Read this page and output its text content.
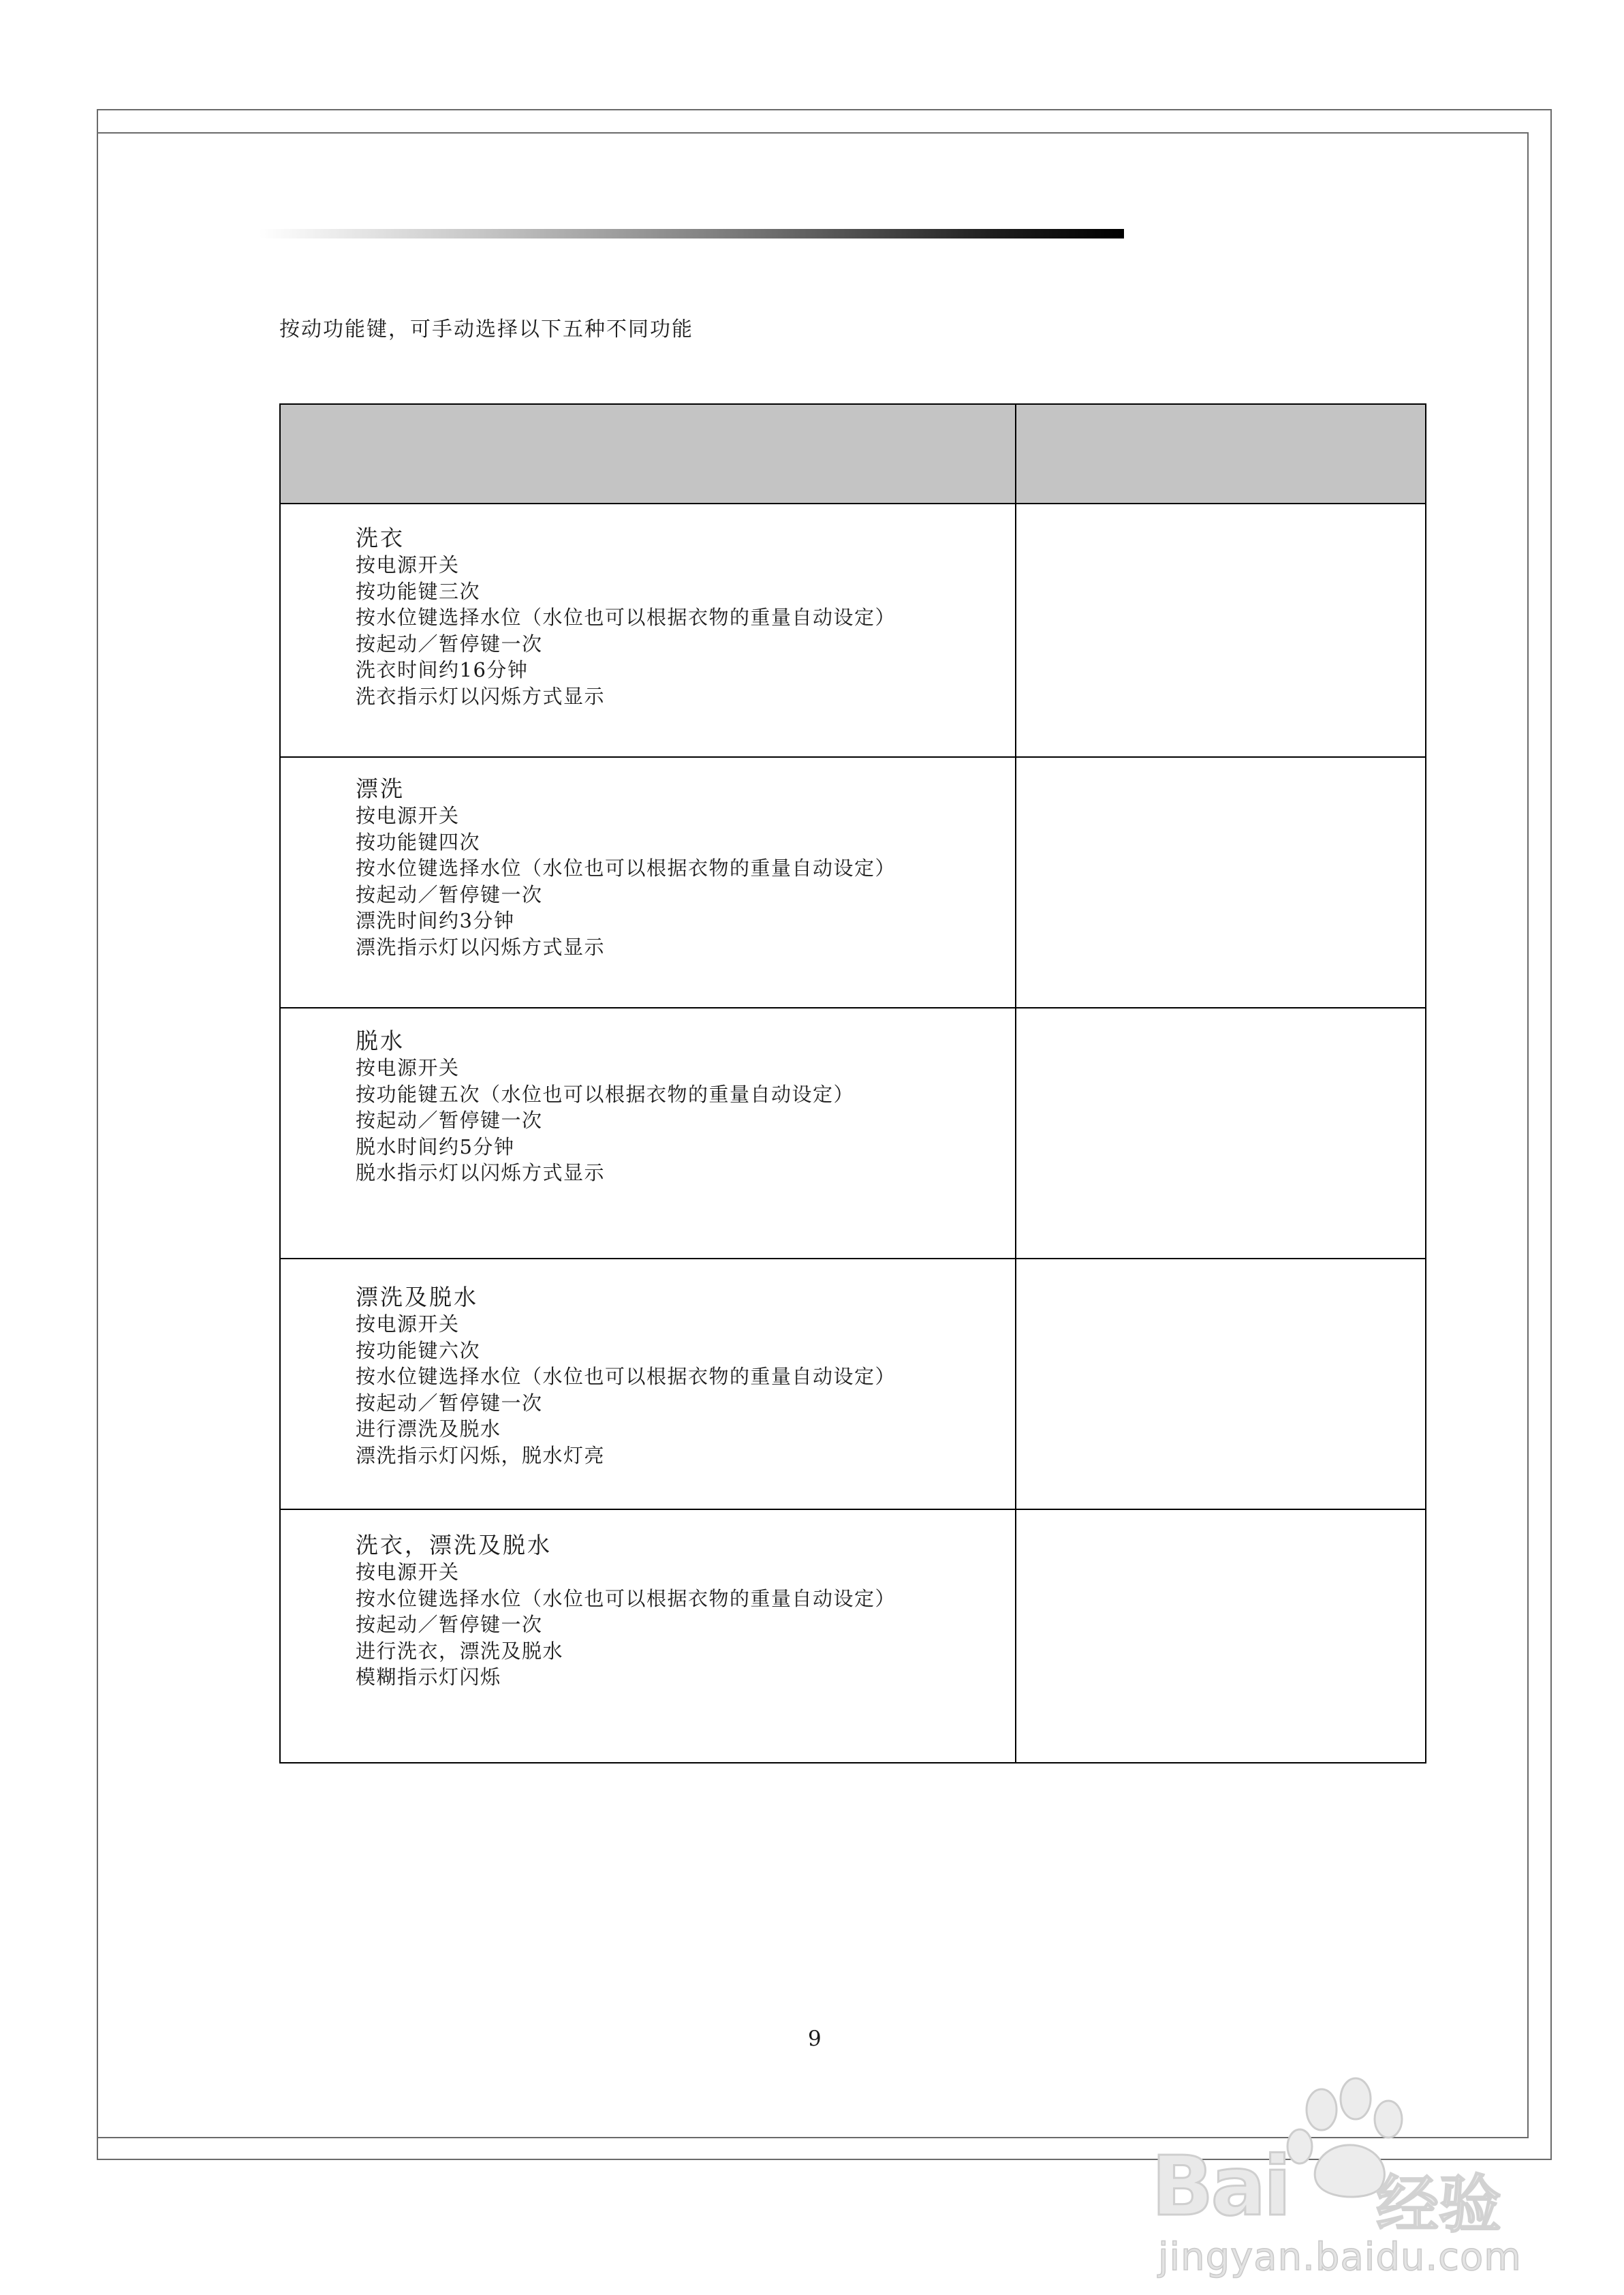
按动功能键，可手动选择以下五种不同功能
洗衣
按电源开关
按功能键三次
按水位键选择水位（水位也可以根据衣物的重量自动设定）
按起动／暂停键一次
洗衣时间约16分钟
洗衣指示灯以闪烁方式显示
漂洗
按电源开关
按功能键四次
按水位键选择水位（水位也可以根据衣物的重量自动设定）
按起动／暂停键一次
漂洗时间约3分钟
漂洗指示灯以闪烁方式显示
脱水
按电源开关
按功能键五次（水位也可以根据衣物的重量自动设定）
按起动／暂停键一次
脱水时间约5分钟
脱水指示灯以闪烁方式显示
漂洗及脱水
按电源开关
按功能键六次
按水位键选择水位（水位也可以根据衣物的重量自动设定）
按起动／暂停键一次
进行漂洗及脱水
漂洗指示灯闪烁，脱水灯亮
洗衣，漂洗及脱水
按电源开关
按水位键选择水位（水位也可以根据衣物的重量自动设定）
按起动／暂停键一次
进行洗衣，漂洗及脱水
模糊指示灯闪烁
9
Bai 经验
jingyan.baidu.com
